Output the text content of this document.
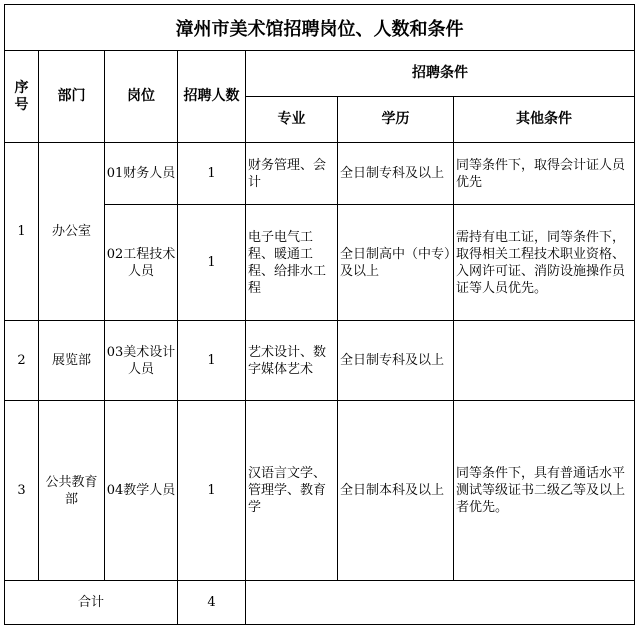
漳州市美术馆招聘岗位、人数和条件						
序号	部门	岗位	招聘人数	招聘条件		
				专业	学历	其他条件
1	办公室	01财务人员	1	财务管理、会计	全日制专科及以上	同等条件下，取得会计证人员优先
		02工程技术人员	1	电子电气工程、暖通工程、给排水工程	全日制高中（中专）及以上	需持有电工证，同等条件下，取得相关工程技术职业资格、入网许可证、消防设施操作员证等人员优先。
2	展览部	03美术设计人员	1	艺术设计、数字媒体艺术	全日制专科及以上	
3	公共教育部	04教学人员	1	汉语言文学、管理学、教育学	全日制本科及以上	同等条件下，具有普通话水平测试等级证书二级乙等及以上者优先。
合计			4			
